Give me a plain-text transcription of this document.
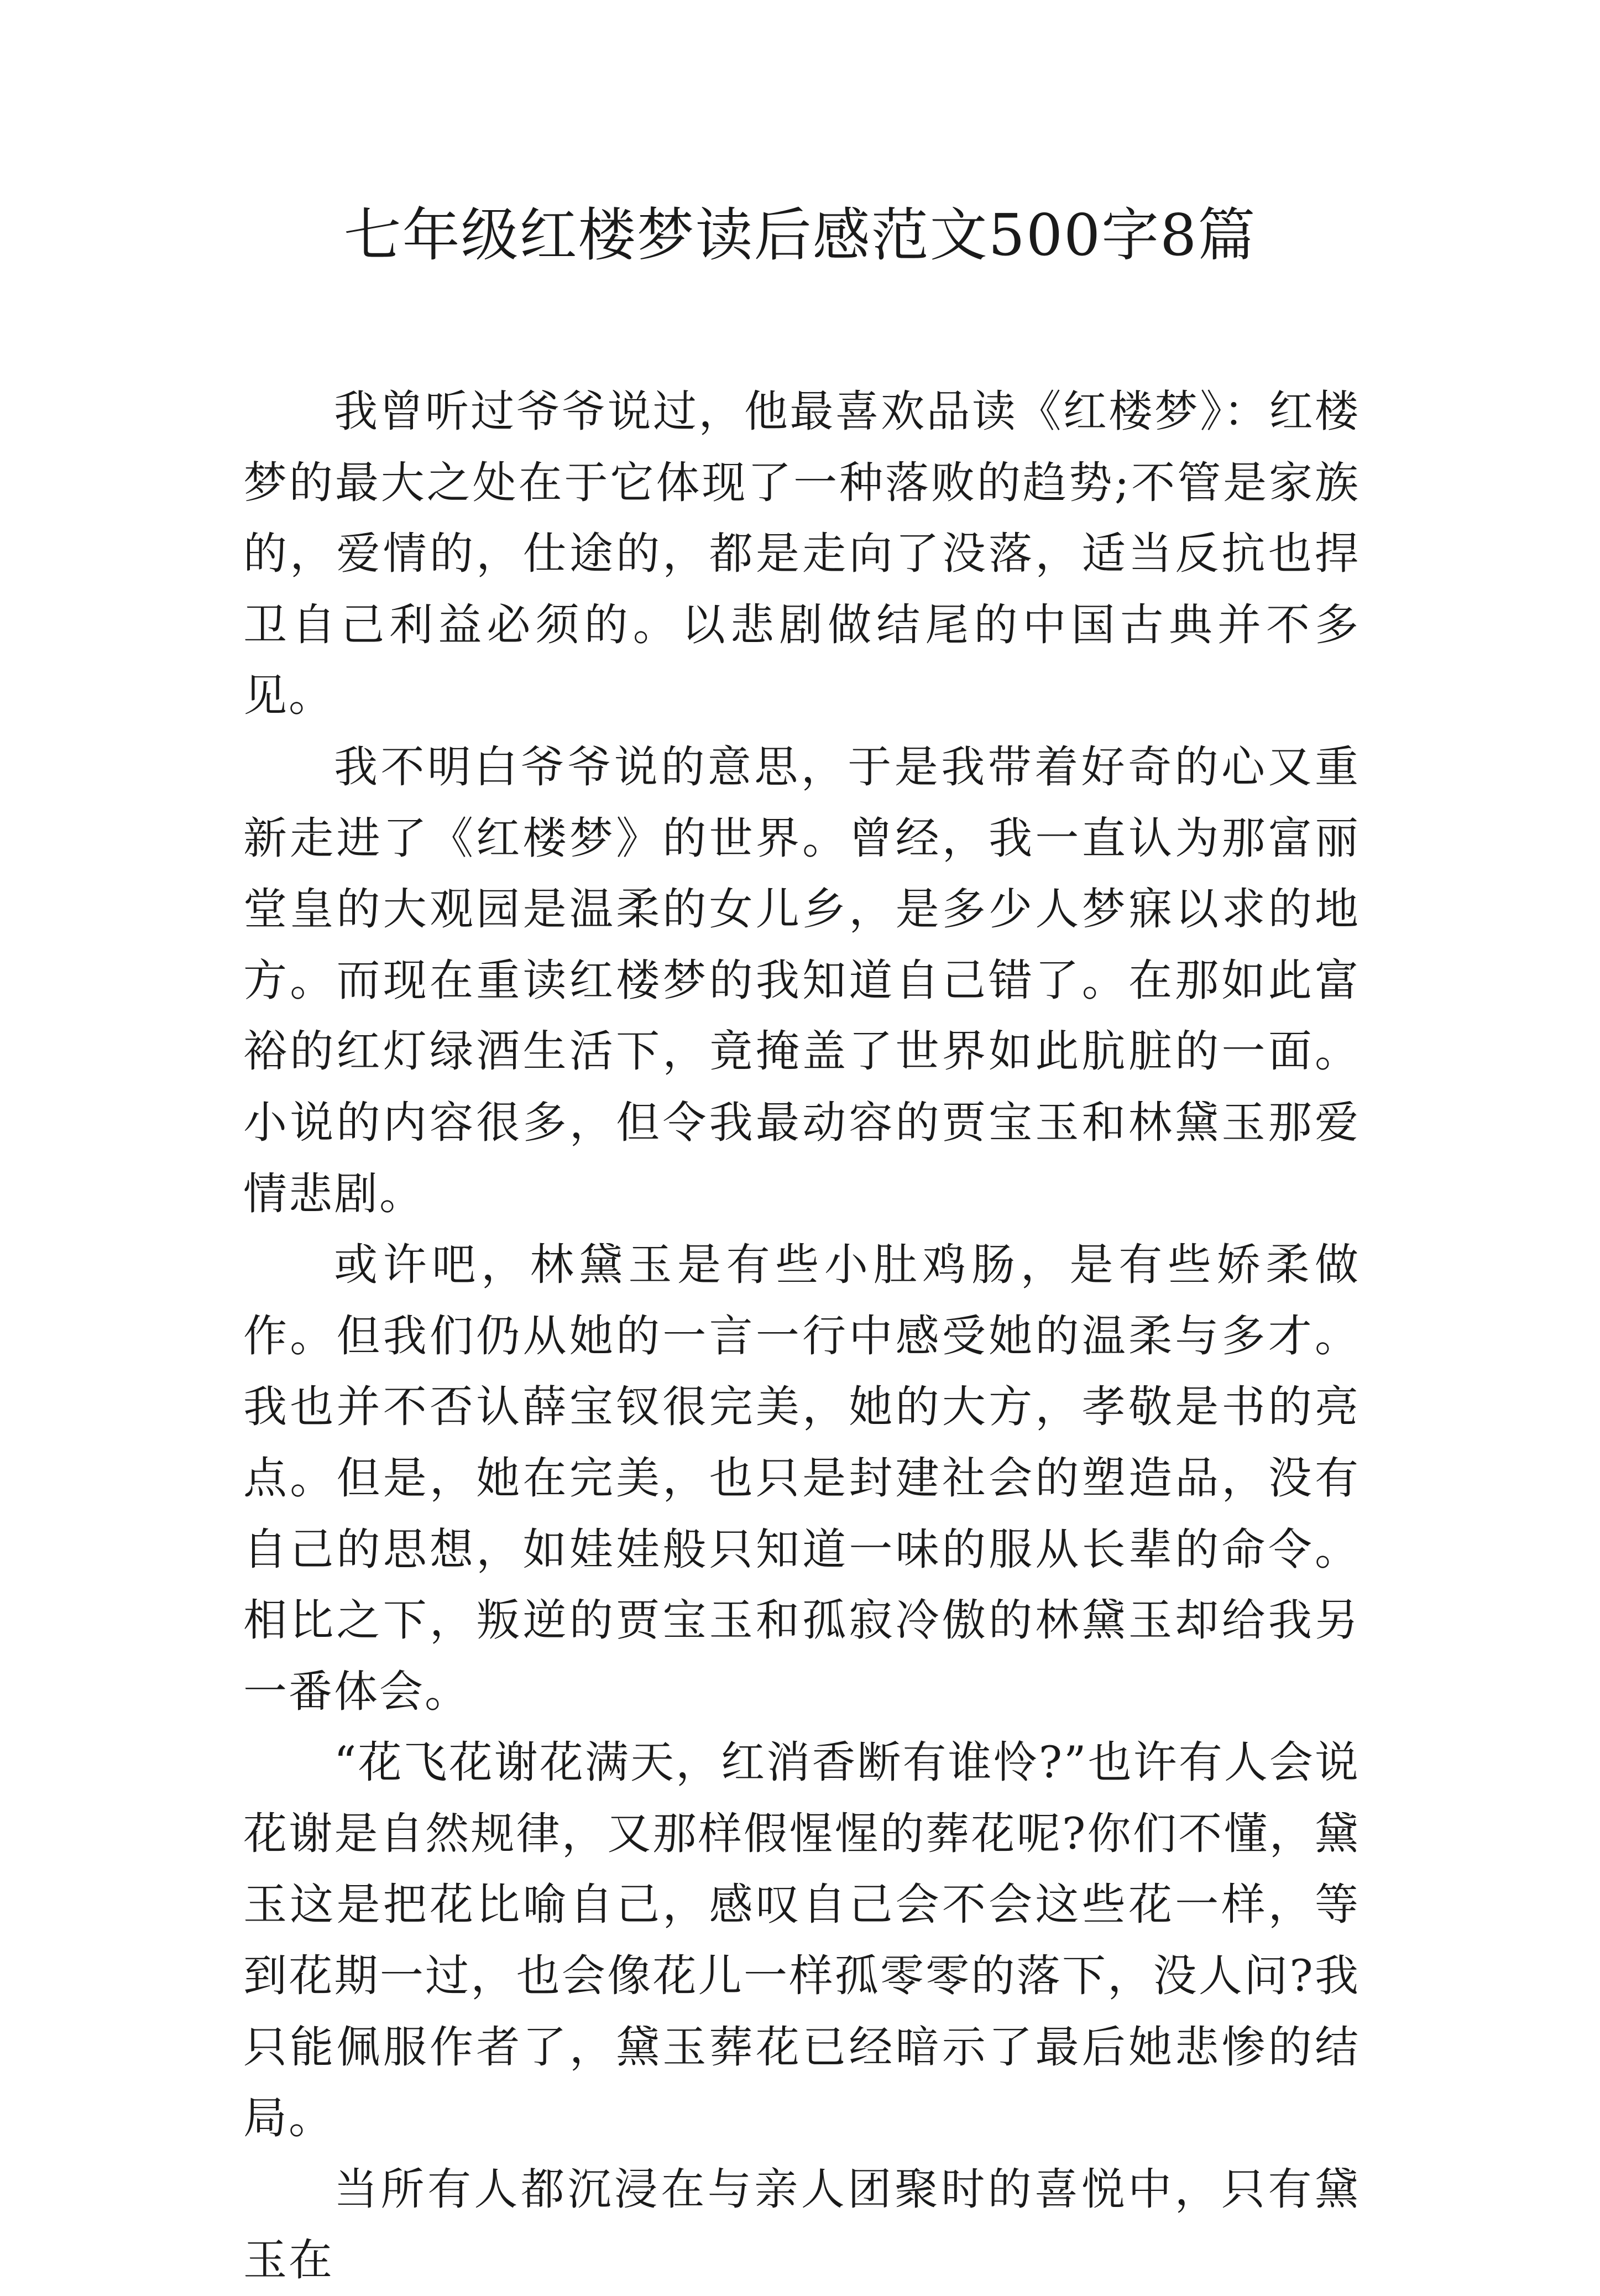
七年级红楼梦读后感范文500字8篇

我曾听过爷爷说过，他最喜欢品读《红楼梦》：红楼梦的最大之处在于它体现了一种落败的趋势;不管是家族的，爱情的，仕途的，都是走向了没落，适当反抗也捍卫自己利益必须的。以悲剧做结尾的中国古典并不多见。

我不明白爷爷说的意思，于是我带着好奇的心又重新走进了《红楼梦》的世界。曾经，我一直认为那富丽堂皇的大观园是温柔的女儿乡，是多少人梦寐以求的地方。而现在重读红楼梦的我知道自己错了。在那如此富裕的红灯绿酒生活下，竟掩盖了世界如此肮脏的一面。小说的内容很多，但令我最动容的贾宝玉和林黛玉那爱情悲剧。

或许吧，林黛玉是有些小肚鸡肠，是有些娇柔做作。但我们仍从她的一言一行中感受她的温柔与多才。我也并不否认薛宝钗很完美，她的大方，孝敬是书的亮点。但是，她在完美，也只是封建社会的塑造品，没有自己的思想，如娃娃般只知道一味的服从长辈的命令。相比之下，叛逆的贾宝玉和孤寂冷傲的林黛玉却给我另一番体会。

“花飞花谢花满天，红消香断有谁怜?”也许有人会说花谢是自然规律，又那样假惺惺的葬花呢?你们不懂，黛玉这是把花比喻自己，感叹自己会不会这些花一样，等到花期一过，也会像花儿一样孤零零的落下，没人问?我只能佩服作者了，黛玉葬花已经暗示了最后她悲惨的结局。

当所有人都沉浸在与亲人团聚时的喜悦中，只有黛玉在
